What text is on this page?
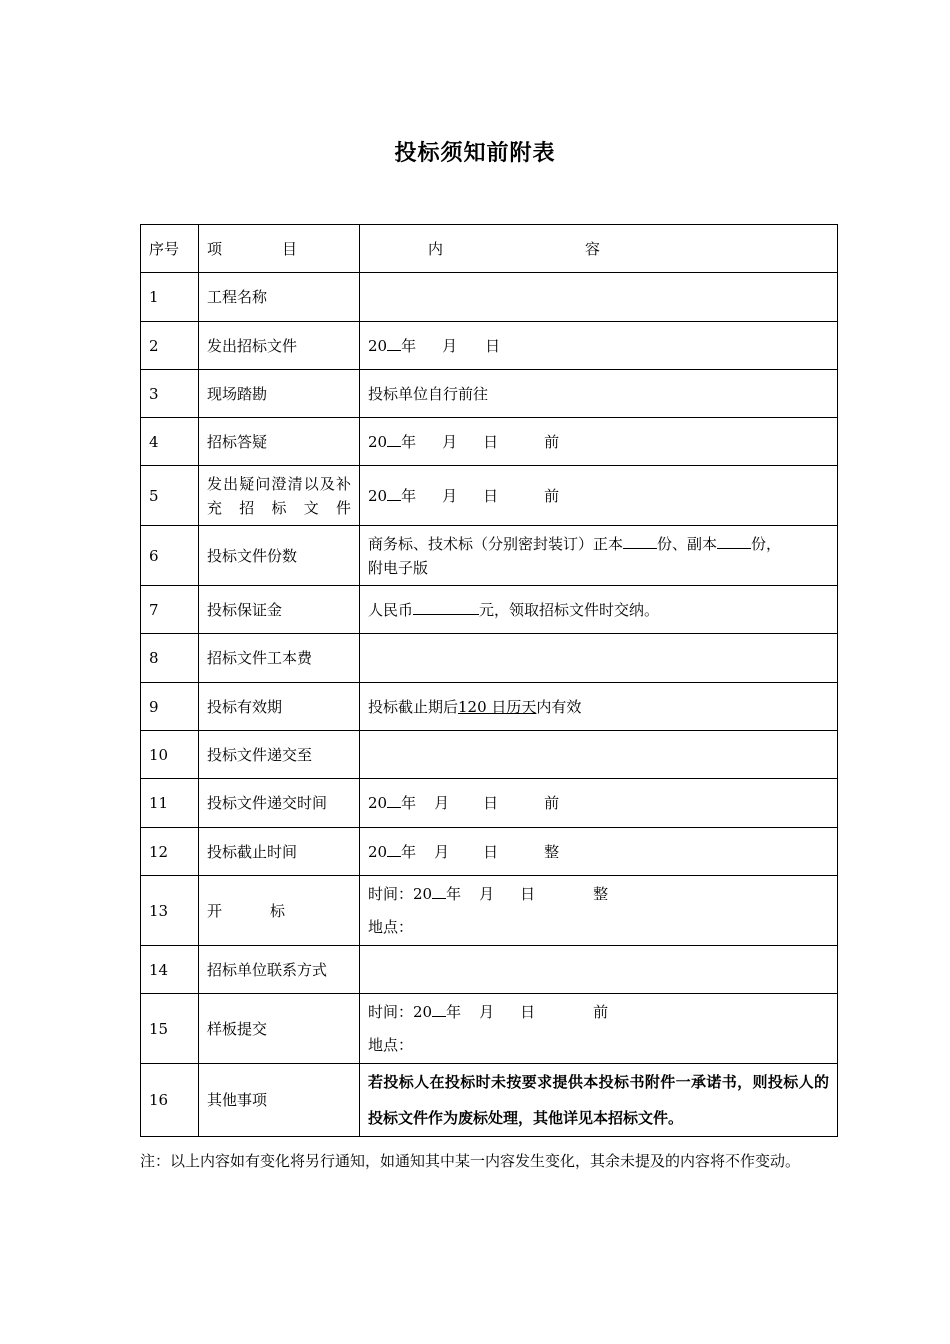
投标须知前附表
序号	项 目	内 容
1	工程名称	
2	发出招标文件	20 年 月 日
3	现场踏勘	投标单位自行前往
4	招标答疑	20 年 月 日 前
5	发出疑问澄清以及补充招标文件	20 年 月 日 前
6	投标文件份数	商务标、技术标（分别密封装订）正本 份、副本 份，
附电子版
7	投标保证金	人民币 元，领取招标文件时交纳。
8	招标文件工本费	
9	投标有效期	投标截止期后120 日历天内有效
10	投标文件递交至	
11	投标文件递交时间	20 年 月 日 前
12	投标截止时间	20 年 月 日 整
13	开 标	时间：20 年 月 日 整
地点：
14	招标单位联系方式	
15	样板提交	时间：20 年 月 日 前
地点：
16	其他事项	若投标人在投标时未按要求提供本投标书附件一承诺书，则投标人的投标文件作为废标处理，其他详见本招标文件。
注：以上内容如有变化将另行通知，如通知其中某一内容发生变化，其余未提及的内容将不作变动。
